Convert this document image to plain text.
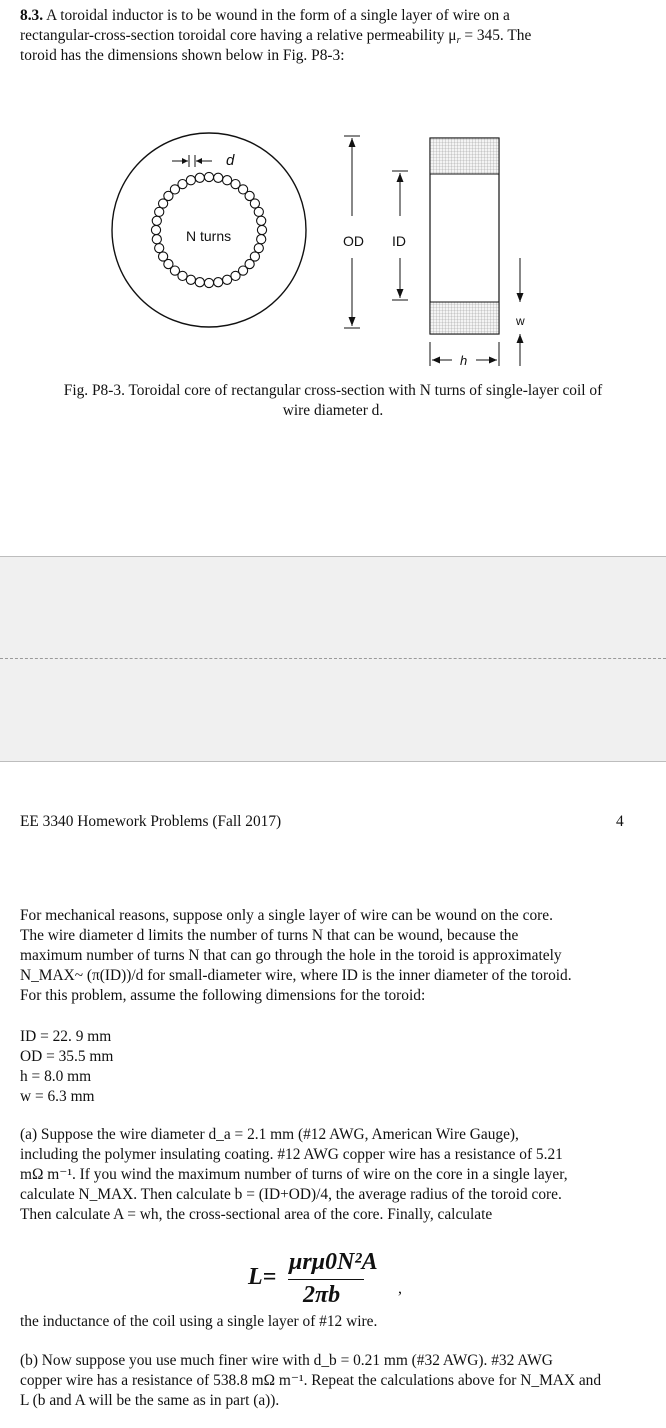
8.3. A toroidal inductor is to be wound in the form of a single layer of wire on a
rectangular-cross-section toroidal core having a relative permeability $\mu_r = 345$. The
toroid has the dimensions shown below in Fig. P8-3:
d
N turns	OD ID
w
h
Fig. P8-3. Toroidal core of rectangular cross-section with N turns of single-layer coil of
wire diameter d.
EE 3340 Homework Problems (Fall 2017)	4
For mechanical reasons, suppose only a single layer of wire can be wound on the core.
The wire diameter d limits the number of turns N that can be wound, because the
maximum number of turns N that can go through the hole in the toroid is approximately
N_MAX~ (π(ID))/d for small-diameter wire, where ID is the inner diameter of the toroid.
For this problem, assume the following dimensions for the toroid:
ID = 22. 9 mm
OD = 35.5 mm
h = 8.0 mm
w = 6.3 mm
(a) Suppose the wire diameter d_a = 2.1 mm (#12 AWG, American Wire Gauge),
including the polymer insulating coating. #12 AWG copper wire has a resistance of 5.21
mΩ m⁻¹. If you wind the maximum number of turns of wire on the core in a single layer,
calculate N_MAX. Then calculate b = (ID+OD)/4, the average radius of the toroid core.
Then calculate A = wh, the cross-sectional area of the core. Finally, calculate
L=
μrμ0N²A
2πb	,
the inductance of the coil using a single layer of #12 wire.
(b) Now suppose you use much finer wire with d_b = 0.21 mm (#32 AWG). #32 AWG
copper wire has a resistance of 538.8 mΩ m⁻¹. Repeat the calculations above for N_MAX and
L (b and A will be the same as in part (a)).
